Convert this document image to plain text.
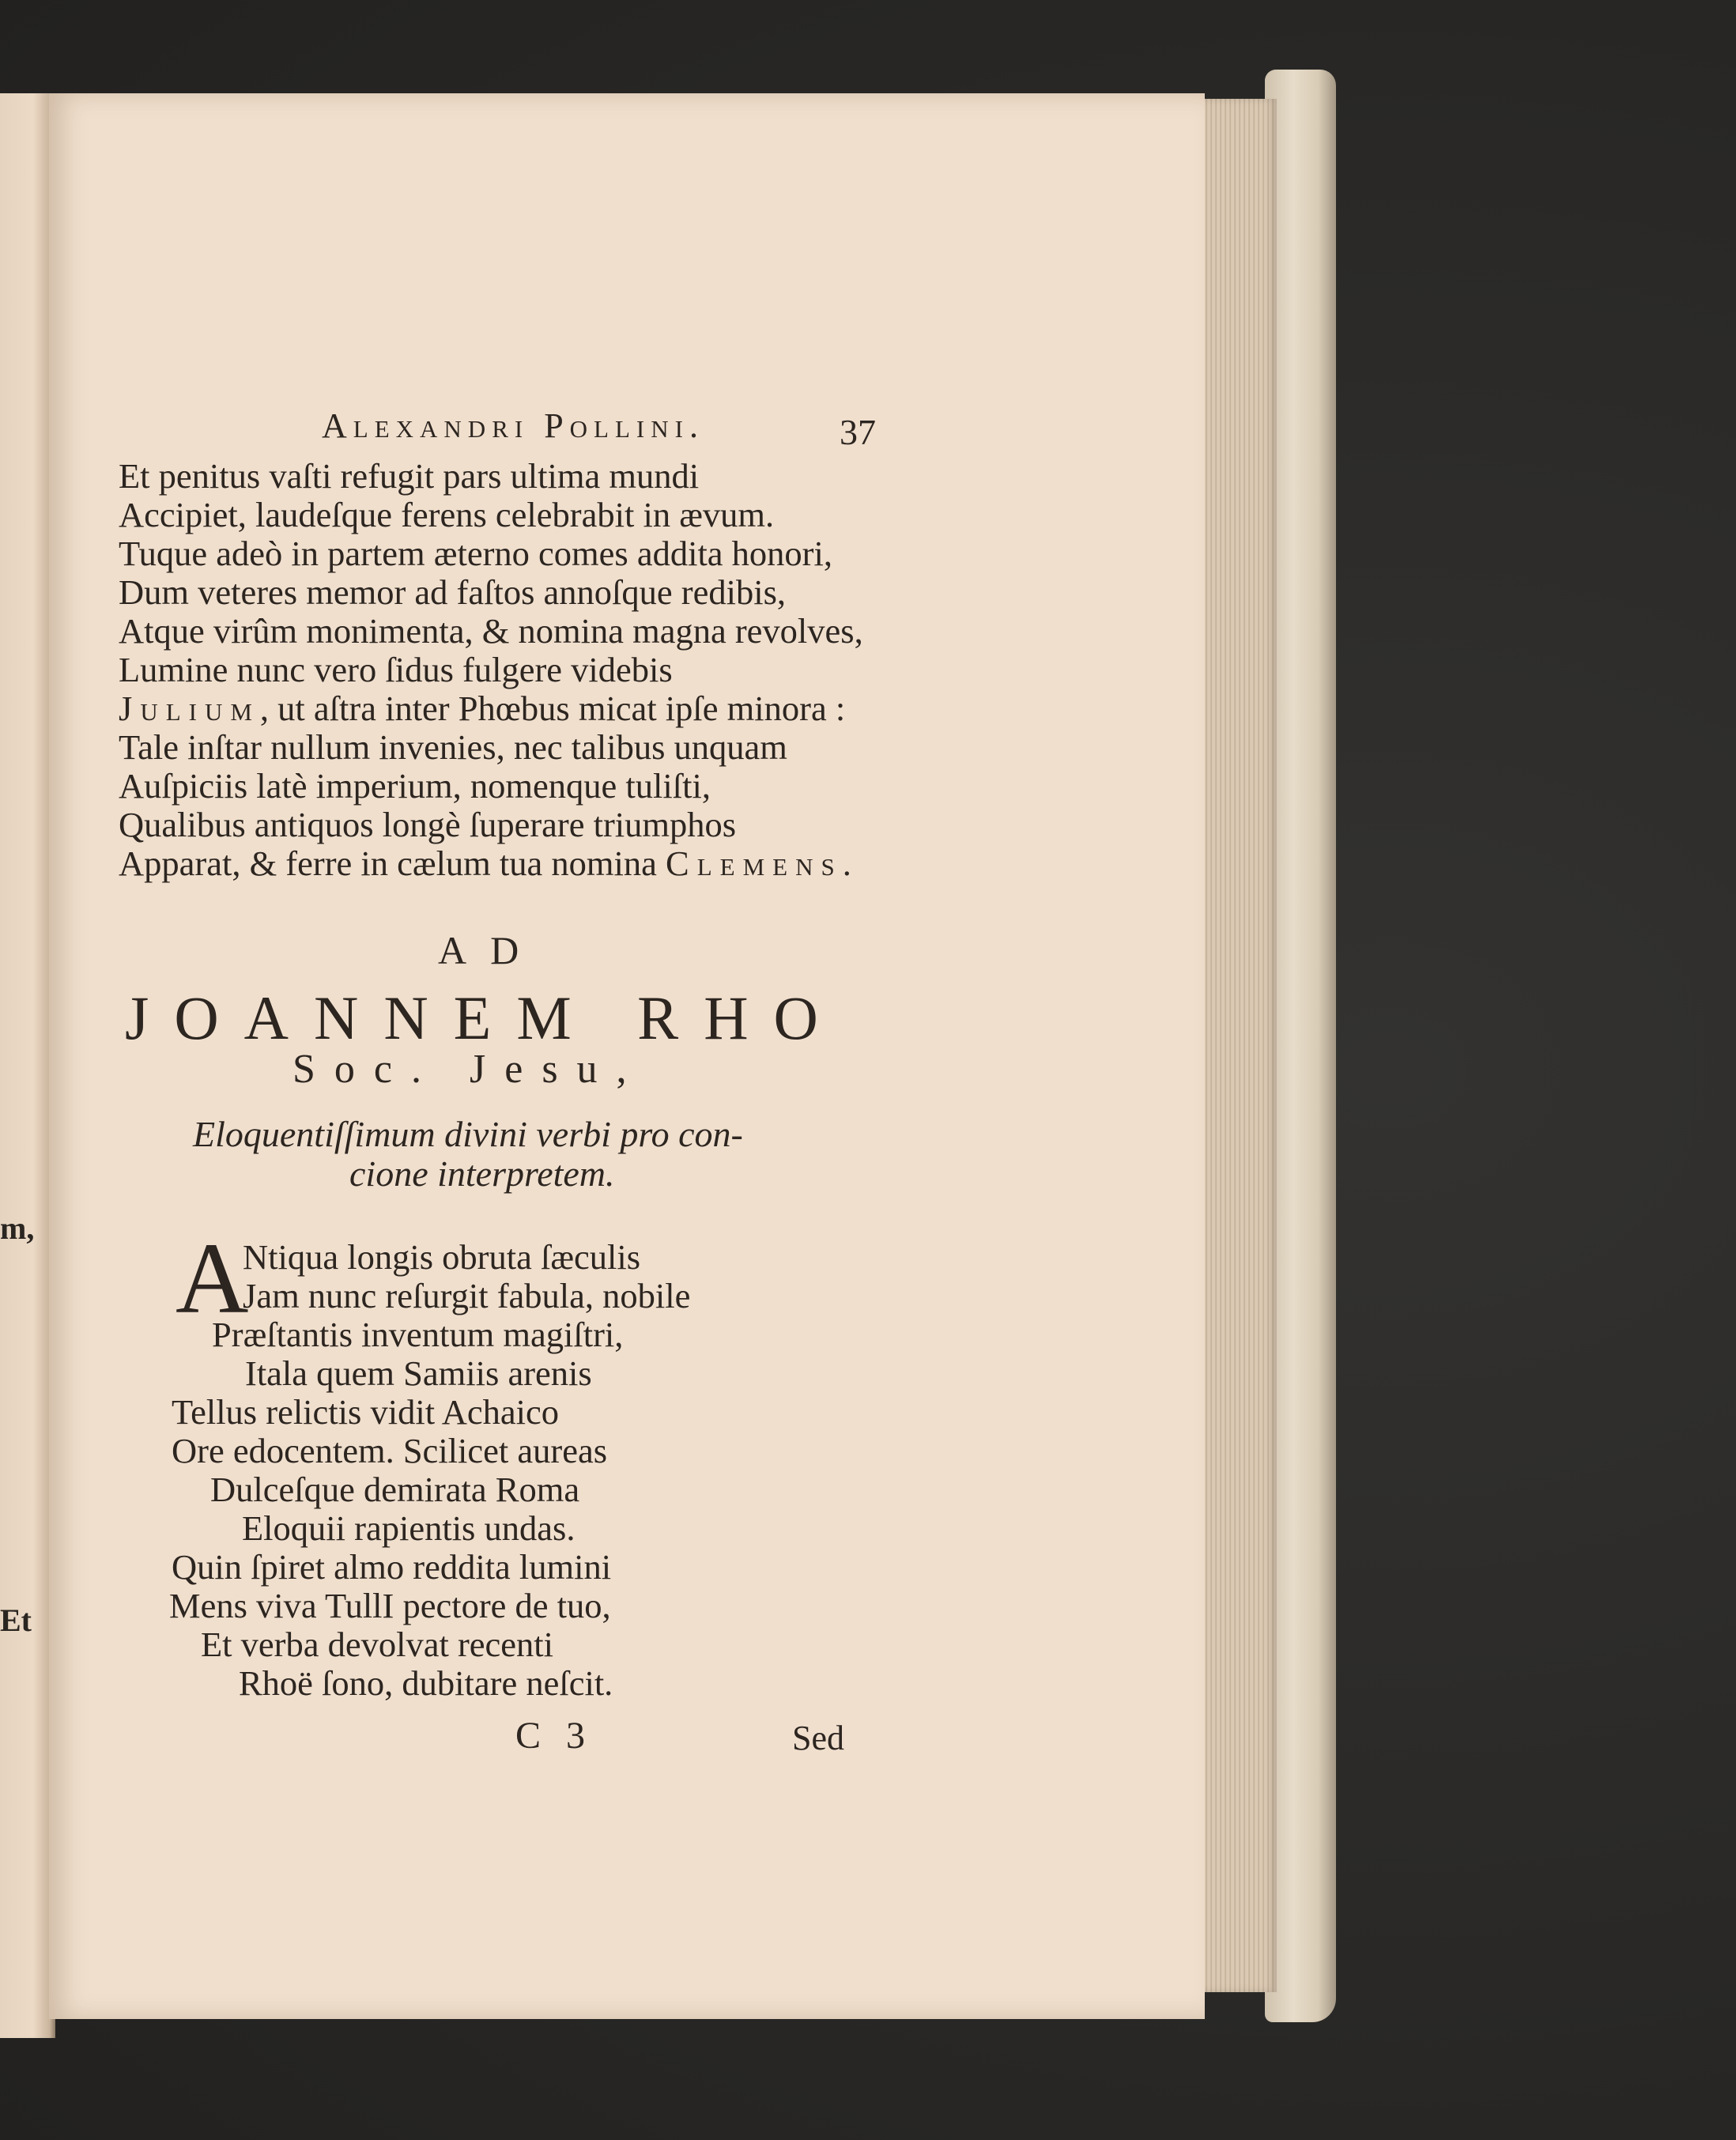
m,
Et
Alexandri Pollini.	37
Et penitus vaſti refugit pars ultima mundi
Accipiet, laudeſque ferens celebrabit in ævum.
Tuque adeò in partem æterno comes addita honori,
Dum veteres memor ad faſtos annoſque redibis,
Atque virûm monimenta, & nomina magna revolves,
Lumine nunc vero ſidus fulgere videbis
Julium, ut aſtra inter Phœbus micat ipſe minora :
Tale inſtar nullum invenies, nec talibus unquam
Auſpiciis latè imperium, nomenque tuliſti,
Qualibus antiquos longè ſuperare triumphos
Apparat, & ferre in cælum tua nomina Clemens.
AD
JOANNEM RHO
Soc. Jesu,
Eloquentiſſimum divini verbi pro con-
cione interpretem.
A
Ntiqua longis obruta ſæculis
Jam nunc reſurgit fabula, nobile
Præſtantis inventum magiſtri,
Itala quem Samiis arenis
Tellus relictis vidit Achaico
Ore edocentem. Scilicet aureas
Dulceſque demirata Roma
Eloquii rapientis undas.
Quin ſpiret almo reddita lumini
Mens viva TullI pectore de tuo,
Et verba devolvat recenti
Rhoë ſono, dubitare neſcit.
C 3	Sed
